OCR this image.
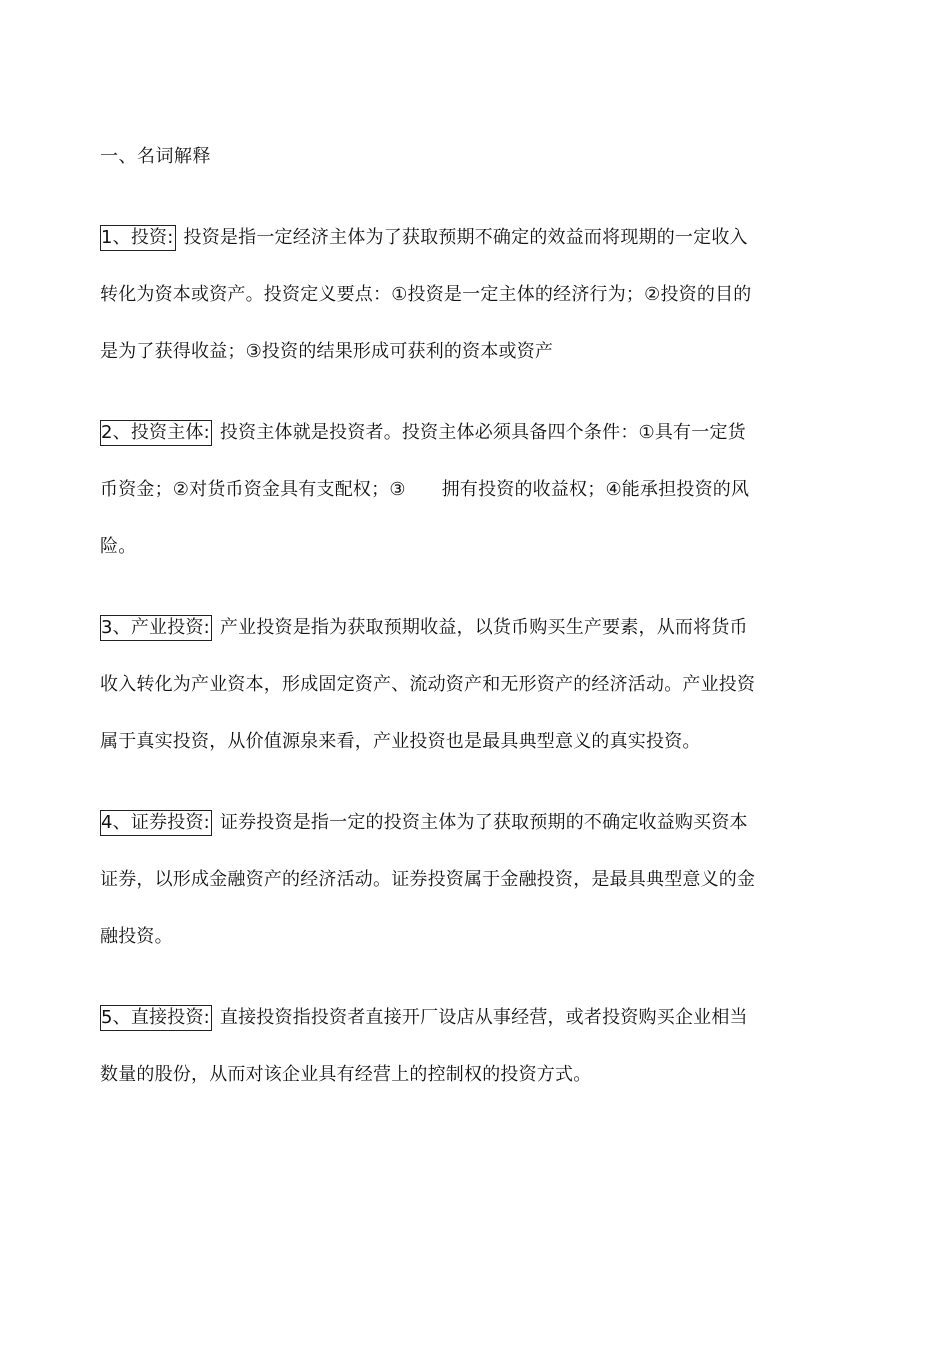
一、名词解释
1、投资: 投资是指一定经济主体为了获取预期不确定的效益而将现期的一定收入
转化为资本或资产。投资定义要点：①投资是一定主体的经济行为；②投资的目的
是为了获得收益；③投资的结果形成可获利的资本或资产
2、投资主体: 投资主体就是投资者。投资主体必须具备四个条件：①具有一定货
币资金；②对货币资金具有支配权；③ 拥有投资的收益权；④能承担投资的风
险。
3、产业投资: 产业投资是指为获取预期收益，以货币购买生产要素，从而将货币
收入转化为产业资本，形成固定资产、流动资产和无形资产的经济活动。产业投资
属于真实投资，从价值源泉来看，产业投资也是最具典型意义的真实投资。
4、证券投资: 证券投资是指一定的投资主体为了获取预期的不确定收益购买资本
证券，以形成金融资产的经济活动。证券投资属于金融投资，是最具典型意义的金
融投资。
5、直接投资: 直接投资指投资者直接开厂设店从事经营，或者投资购买企业相当
数量的股份，从而对该企业具有经营上的控制权的投资方式。
